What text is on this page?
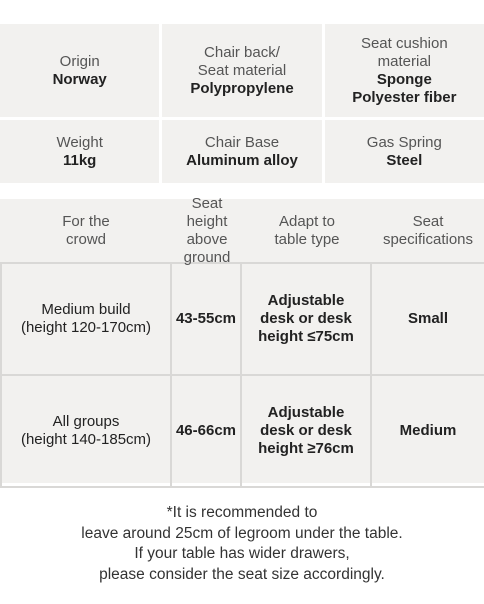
Origin
Norway
Chair back/
Seat material
Polypropylene
Seat cushion
material
Sponge
Polyester fiber
Weight
11kg
Chair Base
Aluminum alloy
Gas Spring
Steel
For the
crowd
Seat height
above ground
Adapt to
table type
Seat
specifications
Medium build
(height 120-170cm)
43-55cm
Adjustable
desk or desk
height ≤75cm
Small
All groups
(height 140-185cm)
46-66cm
Adjustable
desk or desk
height ≥76cm
Medium
*It is recommended to
leave around 25cm of legroom under the table.
If your table has wider drawers,
please consider the seat size accordingly.
